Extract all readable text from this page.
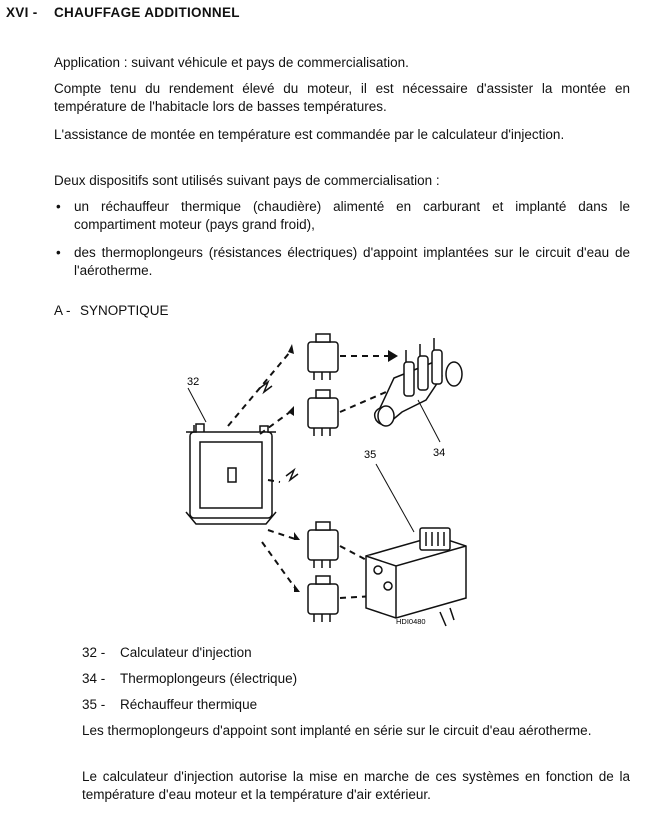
XVI - CHAUFFAGE ADDITIONNEL
Application : suivant véhicule et pays de commercialisation.
Compte tenu du rendement élevé du moteur, il est nécessaire d'assister la montée en température de l'habitacle lors de basses températures.
L'assistance de montée en température est commandée par le calculateur d'injection.
Deux dispositifs sont utilisés suivant pays de commercialisation :
• un réchauffeur thermique (chaudière) alimenté en carburant et implanté dans le compartiment moteur (pays grand froid),
• des thermoplongeurs (résistances électriques) d'appoint implantées sur le circuit d'eau de l'aérotherme.
A - SYNOPTIQUE
32
34
35
HDI0480
32 - Calculateur d'injection
34 - Thermoplongeurs (électrique)
35 - Réchauffeur thermique
Les thermoplongeurs d'appoint sont implanté en série sur le circuit d'eau aérotherme.
Le calculateur d'injection autorise la mise en marche de ces systèmes en fonction de la température d'eau moteur et la température d'air extérieur.
